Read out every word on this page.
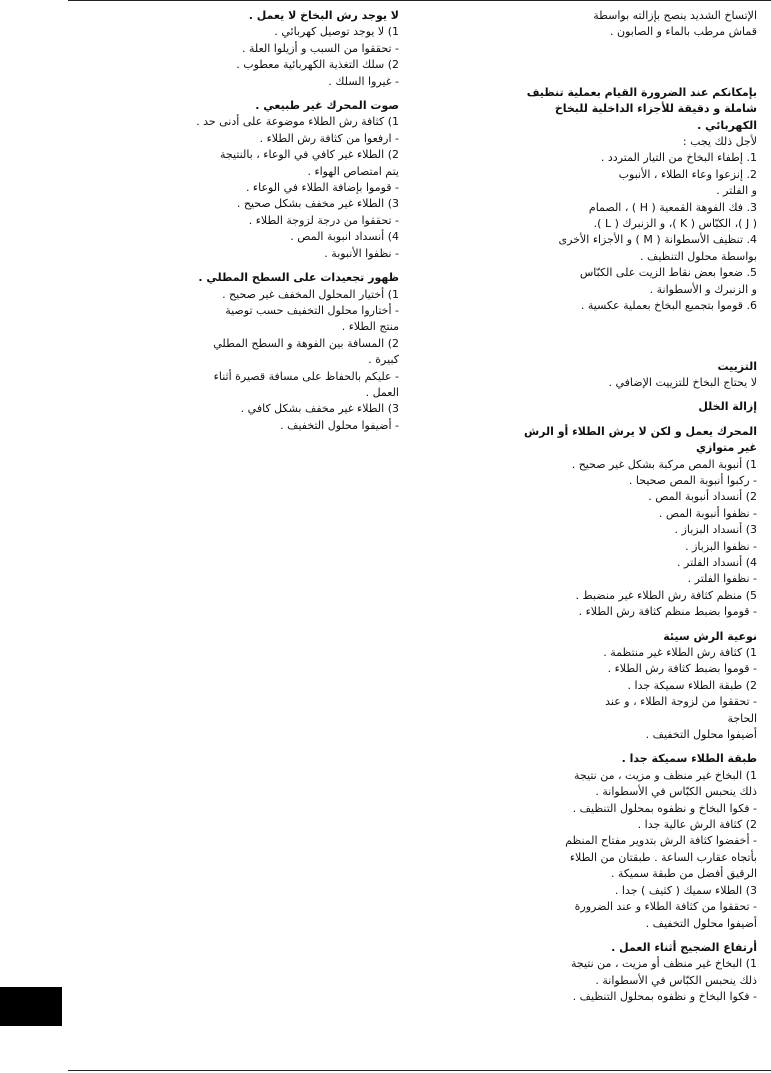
الإتساخ الشديد ينصح بإزالته بواسطة
قماش مرطب بالماء و الصابون .
بإمكانكم عند الضرورة القيام بعملية تنظيف
شاملة و دقيقة للأجزاء الداخلية للبخاخ
الكهربائي .
لأجل ذلك يجب :
1. إطفاء البخاخ من التيار المتردد .
2. إنزعوا وعاء الطلاء ، الأنبوب
و الفلتر .
3. فك الفوهة القمعية ( H ) ، الصمام
( J )، الكبّاس ( K )، و الزنبرك ( L ).
4. تنظيف الأسطوانة ( M ) و الأجزاء الأخرى
بواسطة محلول التنظيف .
5. ضعوا بعض نقاط الزيت على الكبّاس
و الزنبرك و الأسطوانة .
6. قوموا بتجميع البخاخ بعملية عكسية .
التزييت
لا يحتاج البخاخ للتزييت الإضافي .
إزالة الخلل
المحرك يعمل و لكن لا يرش الطلاء أو الرش
غير متوازي
1) أنبوبة المص مركبة بشكل غير صحيح .
- ركبوا أنبوبة المص صحيحا .
2) أنسداد أنبوبة المص .
- نظفوا أنبوبة المص .
3) أنسداد البزباز .
- نظفوا البزباز .
4) أنسداد الفلتر .
- نظفوا الفلتر .
5) منظم كثافة رش الطلاء غير منضبط .
- قوموا بضبط منظم كثافة رش الطلاء .
نوعية الرش سيئة
1) كثافة رش الطلاء غير منتظمة .
- قوموا بضبط كثافة رش الطلاء .
2) طبقة الطلاء سميكة جدا .
- تحققوا من لزوجة الطلاء ، و عند
الحاجة
أضيفوا محلول التخفيف .
طبقة الطلاء سميكة جدا .
1) البخاخ غير منظف و مزيت ، من نتيجة
ذلك ينحبس الكبّاس في الأسطوانة .
- فكوا البخاخ و نظفوه بمحلول التنظيف .
2) كثافة الرش عالية جدا .
- أخفضوا كثافة الرش بتدوير مفتاح المنظم
بأتجاه عقارب الساعة . طبقتان من الطلاء
الرقيق أفضل من طبقة سميكة .
3) الطلاء سميك ( كثيف ) جدا .
- تحققوا من كثافة الطلاء و عند الضرورة
أضيفوا محلول التخفيف .
أرتفاع الضجيج أثناء العمل .
1) البخاخ غير منظف أو مزيت ، من نتيجة
ذلك ينحبس الكبّاس في الأسطوانة .
- فكوا البخاخ و نظفوه بمحلول التنظيف .
لا يوجد رش البخاخ لا يعمل .
1) لا يوجد توصيل كهربائي .
- تحققوا من السبب و أزيلوا العلة .
2) سلك التغذية الكهربائية معطوب .
- غيروا السلك .
صوت المحرك غير طبيعي .
1) كثافة رش الطلاء موضوعة على أدنى حد .
- ارفعوا من كثافة رش الطلاء .
2) الطلاء غير كافي في الوعاء ، بالنتيجة
يتم امتصاص الهواء .
- قوموا بإضافة الطلاء في الوعاء .
3) الطلاء غير مخفف بشكل صحيح .
- تحققوا من درجة لزوجة الطلاء .
4) أنسداد انبوبة المص .
- نظفوا الأنبوبة .
ظهور تجعيدات على السطح المطلي .
1) أختيار المحلول المخفف غير صحيح .
- أختاروا محلول التخفيف حسب توصية
منتج الطلاء .
2) المسافة بين الفوهة و السطح المطلي
كبيرة .
- عليكم بالحفاظ على مسافة قصيرة أثناء
العمل .
3) الطلاء غير مخفف بشكل كافي .
- أضيفوا محلول التخفيف .
